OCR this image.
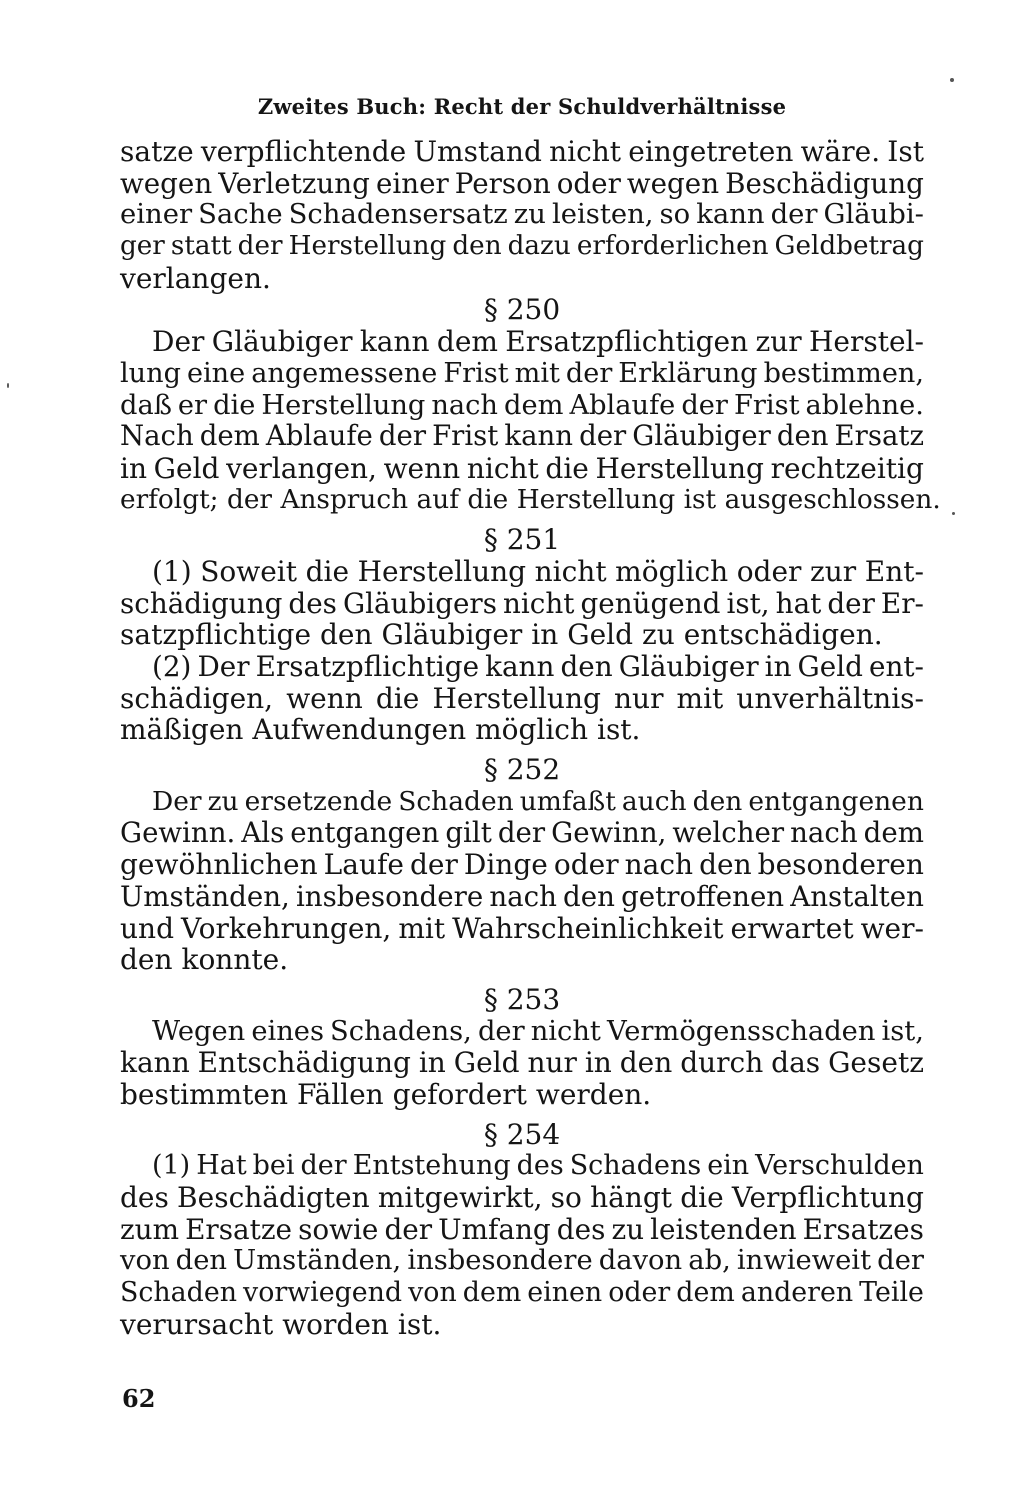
Zweites Buch: Recht der Schuldverhältnisse
satze verpflichtende Umstand nicht eingetreten wäre. Ist
wegen Verletzung einer Person oder wegen Beschädigung
einer Sache Schadensersatz zu leisten, so kann der Gläubi-
ger statt der Herstellung den dazu erforderlichen Geldbetrag
verlangen.
§ 250
Der Gläubiger kann dem Ersatzpflichtigen zur Herstel-
lung eine angemessene Frist mit der Erklärung bestimmen,
daß er die Herstellung nach dem Ablaufe der Frist ablehne.
Nach dem Ablaufe der Frist kann der Gläubiger den Ersatz
in Geld verlangen, wenn nicht die Herstellung rechtzeitig
erfolgt; der Anspruch auf die Herstellung ist ausgeschlossen.
§ 251
(1) Soweit die Herstellung nicht möglich oder zur Ent-
schädigung des Gläubigers nicht genügend ist, hat der Er-
satzpflichtige den Gläubiger in Geld zu entschädigen.
(2) Der Ersatzpflichtige kann den Gläubiger in Geld ent-
schädigen, wenn die Herstellung nur mit unverhältnis-
mäßigen Aufwendungen möglich ist.
§ 252
Der zu ersetzende Schaden umfaßt auch den entgangenen
Gewinn. Als entgangen gilt der Gewinn, welcher nach dem
gewöhnlichen Laufe der Dinge oder nach den besonderen
Umständen, insbesondere nach den getroffenen Anstalten
und Vorkehrungen, mit Wahrscheinlichkeit erwartet wer-
den konnte.
§ 253
Wegen eines Schadens, der nicht Vermögensschaden ist,
kann Entschädigung in Geld nur in den durch das Gesetz
bestimmten Fällen gefordert werden.
§ 254
(1) Hat bei der Entstehung des Schadens ein Verschulden
des Beschädigten mitgewirkt, so hängt die Verpflichtung
zum Ersatze sowie der Umfang des zu leistenden Ersatzes
von den Umständen, insbesondere davon ab, inwieweit der
Schaden vorwiegend von dem einen oder dem anderen Teile
verursacht worden ist.
62
